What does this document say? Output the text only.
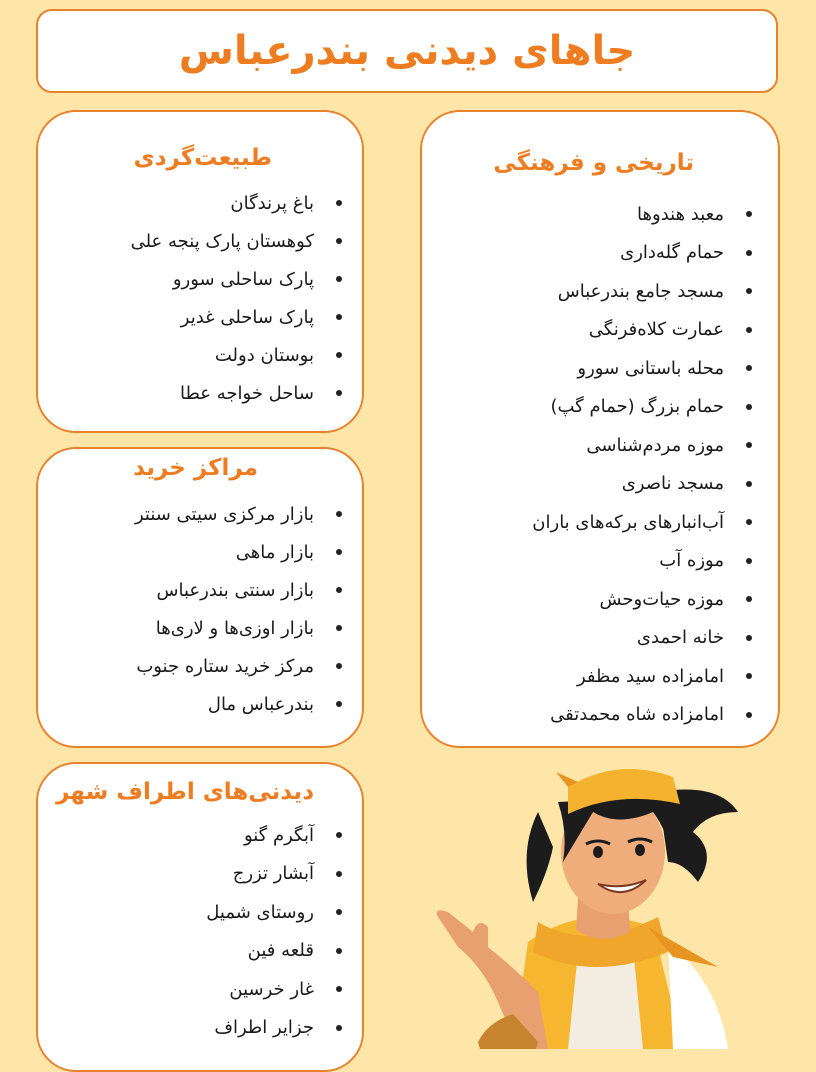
جاهای دیدنی بندرعباس
تاریخی و فرهنگی
معبد هندوها
حمام گله‌داری
مسجد جامع بندرعباس
عمارت کلاه‌فرنگی
محله باستانی سورو
حمام بزرگ (حمام گپ)
موزه مردم‌شناسی
مسجد ناصری
آب‌انبارهای برکه‌های باران
موزه آب
موزه حیات‌وحش
خانه احمدی
امامزاده سید مظفر
امامزاده شاه محمدتقی
طبیعت‌گردی
باغ پرندگان
کوهستان پارک پنجه علی
پارک ساحلی سورو
پارک ساحلی غدیر
بوستان دولت
ساحل خواجه عطا
مراکز خرید
بازار مرکزی سیتی سنتر
بازار ماهی
بازار سنتی بندرعباس
بازار اوزی‌ها و لاری‌ها
مرکز خرید ستاره جنوب
بندرعباس مال
دیدنی‌های اطراف شهر
آبگرم گنو
آبشار تزرج
روستای شمیل
قلعه فین
غار خرسین
جزایر اطراف
